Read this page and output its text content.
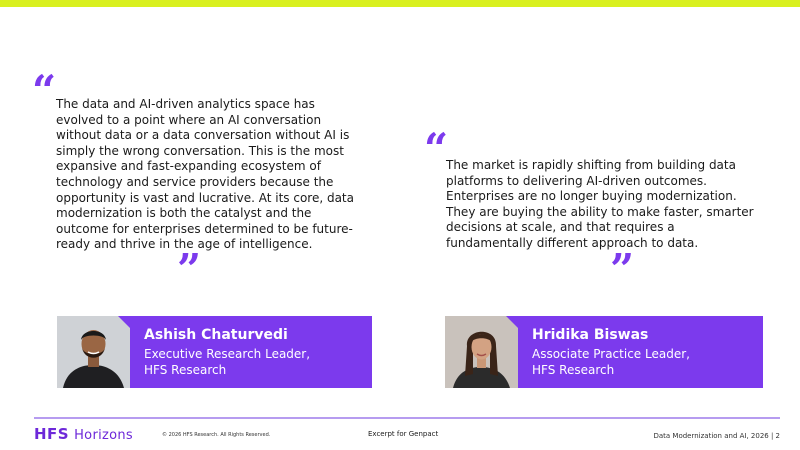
“ The data and AI-driven analytics space has evolved to a point where an AI conversation without data or a data conversation without AI is simply the wrong conversation. This is the most expansive and fast-expanding ecosystem of technology and service providers because the opportunity is vast and lucrative. At its core, data modernization is both the catalyst and the outcome for enterprises determined to be future-ready and thrive in the age of intelligence.

”
“

The market is rapidly shifting from building data platforms to delivering AI-driven outcomes. Enterprises are no longer buying modernization. They are buying the ability to make faster, smarter decisions at scale, and that requires a fundamentally different approach to data.

”
Ashish Chaturvedi
Executive Research Leader,
HFS Research
Hridika Biswas
Associate Practice Leader,
HFS Research
HFS Horizons	© 2026 HFS Research. All Rights Reserved.	Excerpt for Genpact	Data Modernization and AI, 2026 | 2
